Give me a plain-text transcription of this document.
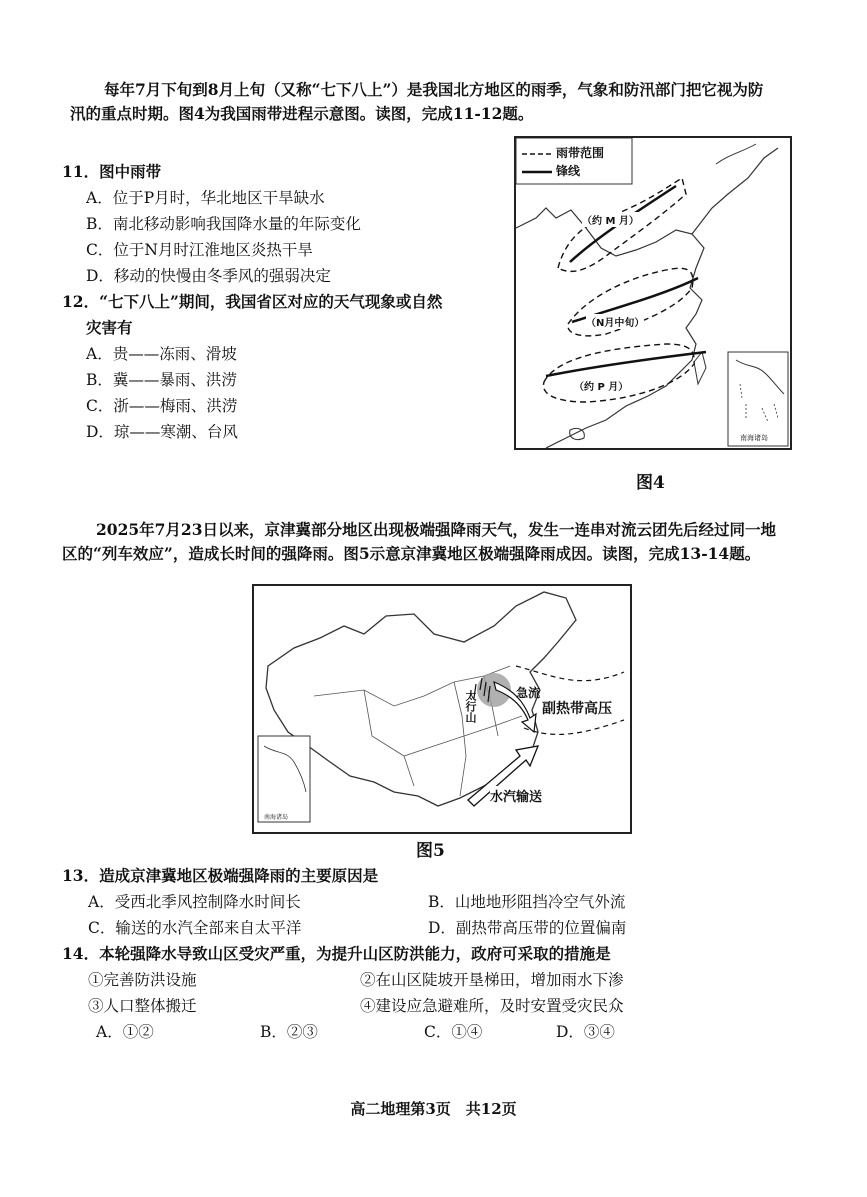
每年7月下旬到8月上旬（又称“七下八上”）是我国北方地区的雨季，气象和防汛部门把它视为防
汛的重点时期。图4为我国雨带进程示意图。读图，完成11-12题。
11．图中雨带
A．位于P月时，华北地区干旱缺水
B．南北移动影响我国降水量的年际变化
C．位于N月时江淮地区炎热干旱
D．移动的快慢由冬季风的强弱决定
12．“七下八上”期间，我国省区对应的天气现象或自然
灾害有
A．贵——冻雨、滑坡
B．冀——暴雨、洪涝
C．浙——梅雨、洪涝
D．琼——寒潮、台风
雨带范围
锋线
（约 M 月）
（N月中旬）
（约 P 月）
南海诸岛
图4
2025年7月23日以来，京津冀部分地区出现极端强降雨天气，发生一连串对流云团先后经过同一地
区的“列车效应”，造成长时间的强降雨。图5示意京津冀地区极端强降雨成因。读图，完成13-14题。
副热带高压
水汽输送
急流
太行山
南海诸岛
图5
13．造成京津冀地区极端强降雨的主要原因是
A．受西北季风控制降水时间长	B．山地地形阻挡冷空气外流
C．输送的水汽全部来自太平洋	D．副热带高压带的位置偏南
14．本轮强降水导致山区受灾严重，为提升山区防洪能力，政府可采取的措施是
①完善防洪设施	②在山区陡坡开垦梯田，增加雨水下渗
③人口整体搬迁	④建设应急避难所，及时安置受灾民众
A．①②	B．②③	C．①④	D．③④
高二地理第3页　共12页
